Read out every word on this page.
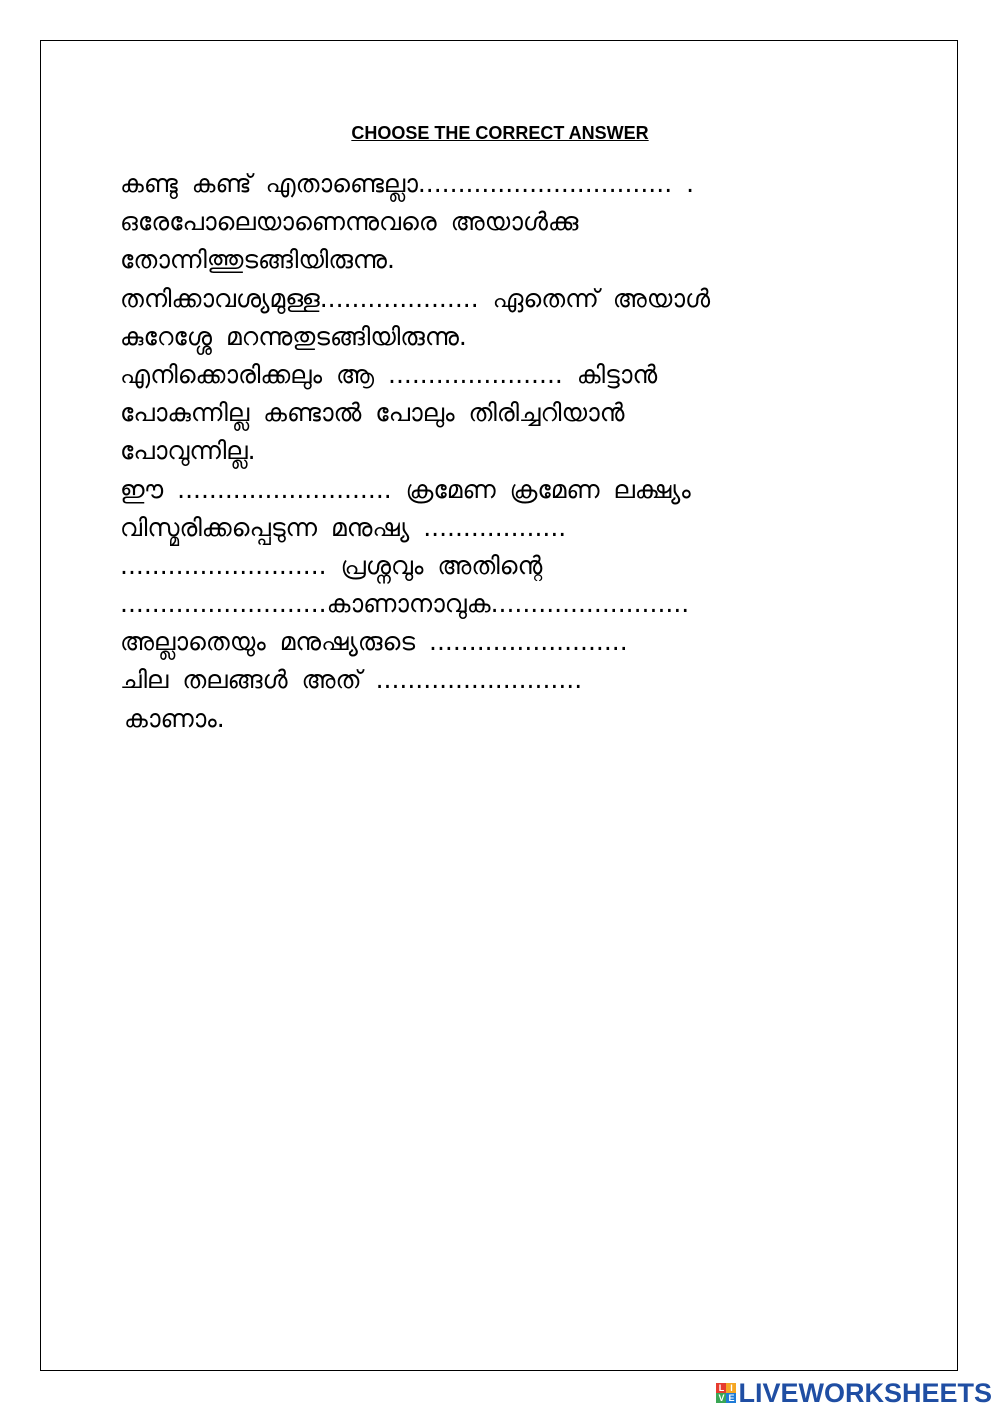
CHOOSE THE CORRECT ANSWER
കണ്ടു കണ്ട് എതാണ്ടെല്ലാ................................ .
ഒരേപോലെയാണെന്നുവരെ അയാൾക്കു
തോന്നിത്തുടങ്ങിയിരുന്നു.
തനിക്കാവശ്യമുള്ള.................... ഏതെന്ന് അയാൾ
കുറേശ്ശേ മറന്നുതുടങ്ങിയിരുന്നു.
എനിക്കൊരിക്കലും ആ ...................... കിട്ടാൻ
പോകുന്നില്ല കണ്ടാൽ പോലും തിരിച്ചറിയാൻ
പോവുന്നില്ല.
ഈ ........................... ക്രമേണ ക്രമേണ ലക്ഷ്യം
വിസ്മരിക്കപ്പെടുന്ന മനുഷ്യ ..................
.......................... പ്രശ്നവും അതിന്റെ
..........................കാണാനാവുക.........................
അല്ലാതെയും മനുഷ്യരുടെ .........................
ചില തലങ്ങൾ അത് ..........................
കാണാം.
L I
V E LIVEWORKSHEETS
